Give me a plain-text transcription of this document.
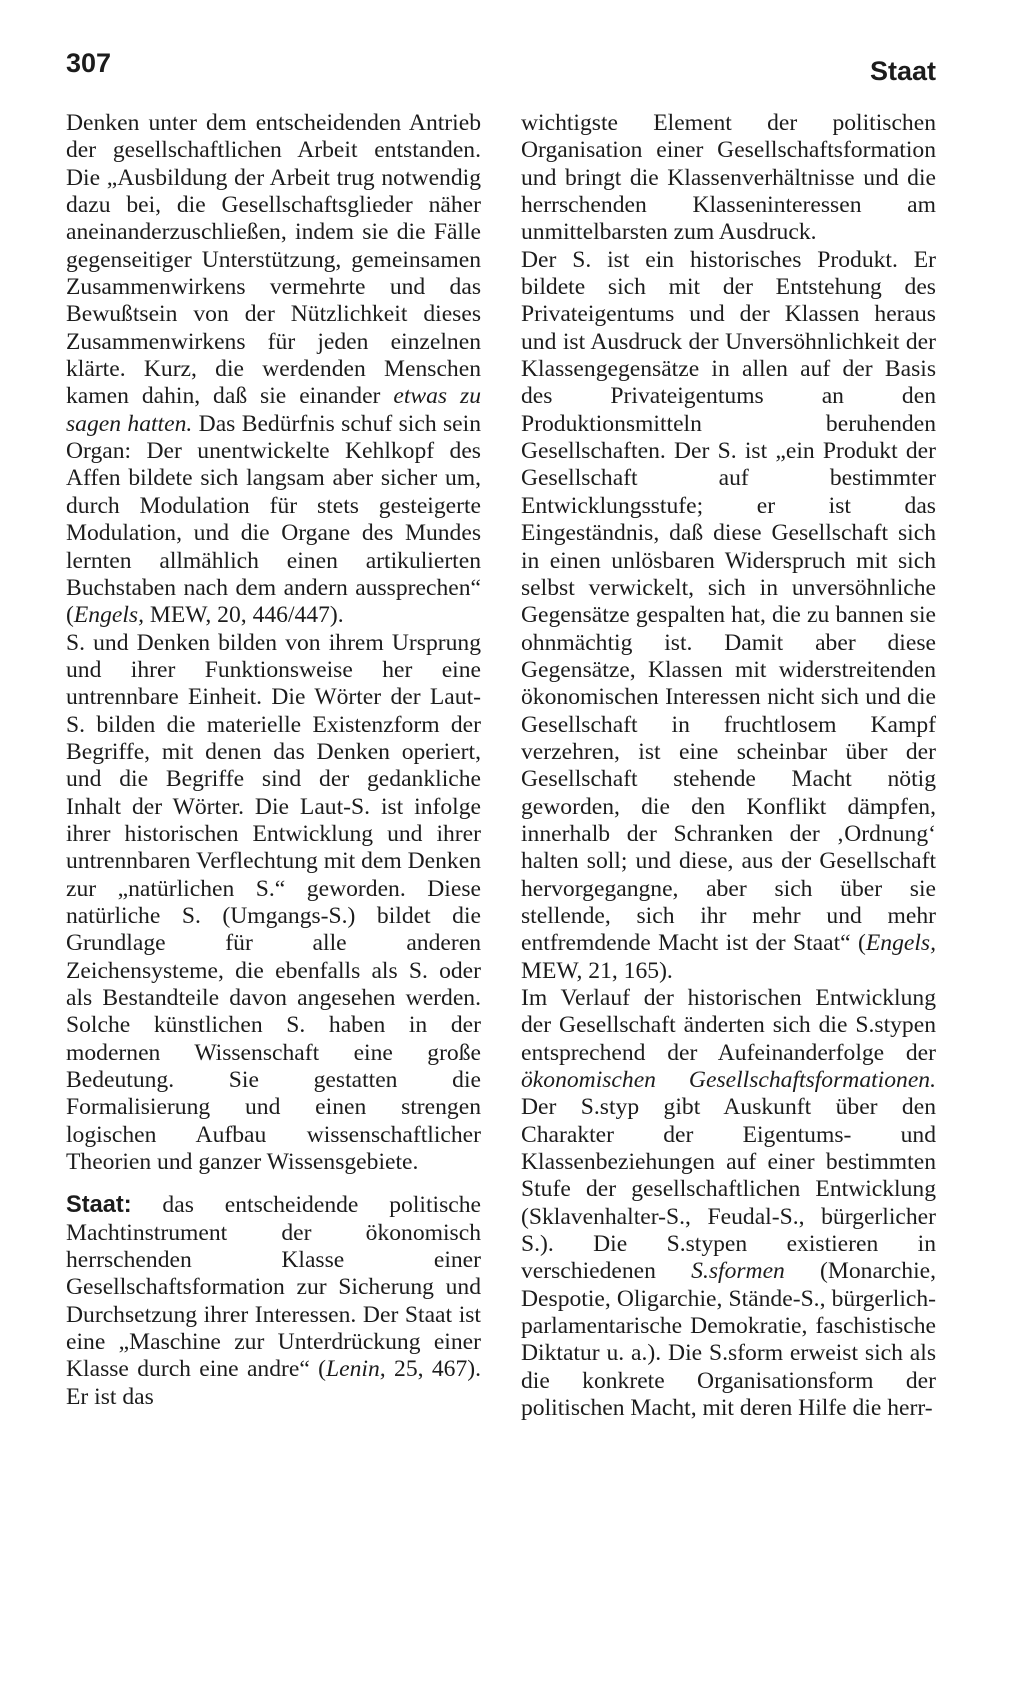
307	Staat

Denken unter dem entscheidenden Antrieb der gesellschaftlichen Arbeit entstanden. Die „Ausbildung der Arbeit trug notwendig dazu bei, die Gesellschaftsglieder näher aneinanderzuschließen, indem sie die Fälle gegenseitiger Unterstützung, gemeinsamen Zusammenwirkens vermehrte und das Bewußtsein von der Nützlichkeit dieses Zusammenwirkens für jeden einzelnen klärte. Kurz, die werdenden Menschen kamen dahin, daß sie einander etwas zu sagen hatten. Das Bedürfnis schuf sich sein Organ: Der unentwickelte Kehlkopf des Affen bildete sich langsam aber sicher um, durch Modulation für stets gesteigerte Modulation, und die Organe des Mundes lernten allmählich einen artikulierten Buchstaben nach dem andern aussprechen“ (Engels, MEW, 20, 446/447).

S. und Denken bilden von ihrem Ursprung und ihrer Funktionsweise her eine untrennbare Einheit. Die Wörter der Laut-S. bilden die materielle Existenzform der Begriffe, mit denen das Denken operiert, und die Begriffe sind der gedankliche Inhalt der Wörter. Die Laut-S. ist infolge ihrer historischen Entwicklung und ihrer untrennbaren Verflechtung mit dem Denken zur „natürlichen S.“ geworden. Diese natürliche S. (Umgangs-S.) bildet die Grundlage für alle anderen Zeichensysteme, die ebenfalls als S. oder als Bestandteile davon angesehen werden. Solche künstlichen S. haben in der modernen Wissenschaft eine große Bedeutung. Sie gestatten die Formalisierung und einen strengen logischen Aufbau wissenschaftlicher Theorien und ganzer Wissensgebiete.

Staat: das entscheidende politische Machtinstrument der ökonomisch herrschenden Klasse einer Gesellschaftsformation zur Sicherung und Durchsetzung ihrer Interessen. Der Staat ist eine „Maschine zur Unterdrückung einer Klasse durch eine andre“ (Lenin, 25, 467). Er ist das

wichtigste Element der politischen Organisation einer Gesellschaftsformation und bringt die Klassenverhältnisse und die herrschenden Klasseninteressen am unmittelbarsten zum Ausdruck.

Der S. ist ein historisches Produkt. Er bildete sich mit der Entstehung des Privateigentums und der Klassen heraus und ist Ausdruck der Unversöhnlichkeit der Klassengegensätze in allen auf der Basis des Privateigentums an den Produktionsmitteln beruhenden Gesellschaften. Der S. ist „ein Produkt der Gesellschaft auf bestimmter Entwicklungsstufe; er ist das Eingeständnis, daß diese Gesellschaft sich in einen unlösbaren Widerspruch mit sich selbst verwickelt, sich in unversöhnliche Gegensätze gespalten hat, die zu bannen sie ohnmächtig ist. Damit aber diese Gegensätze, Klassen mit widerstreitenden ökonomischen Interessen nicht sich und die Gesellschaft in fruchtlosem Kampf verzehren, ist eine scheinbar über der Gesellschaft stehende Macht nötig geworden, die den Konflikt dämpfen, innerhalb der Schranken der ‚Ordnung‘ halten soll; und diese, aus der Gesellschaft hervorgegangne, aber sich über sie stellende, sich ihr mehr und mehr entfremdende Macht ist der Staat“ (Engels, MEW, 21, 165).

Im Verlauf der historischen Entwicklung der Gesellschaft änderten sich die S.stypen entsprechend der Aufeinanderfolge der ökonomischen Gesellschaftsformationen. Der S.styp gibt Auskunft über den Charakter der Eigentums- und Klassenbeziehungen auf einer bestimmten Stufe der gesellschaftlichen Entwicklung (Sklavenhalter-S., Feudal-S., bürgerlicher S.). Die S.stypen existieren in verschiedenen S.sformen (Monarchie, Despotie, Oligarchie, Stände-S., bürgerlich-parlamentarische Demokratie, faschistische Diktatur u. a.). Die S.sform erweist sich als die konkrete Organisationsform der politischen Macht, mit deren Hilfe die herr-
